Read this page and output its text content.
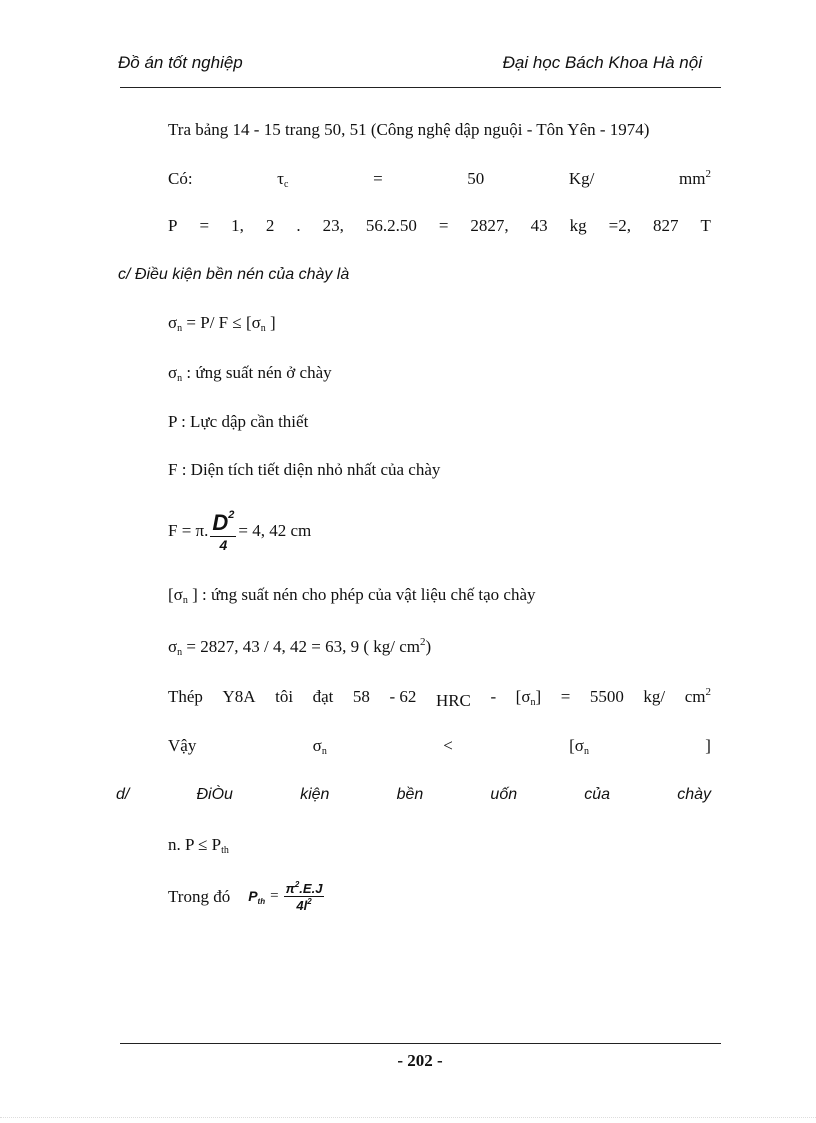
Đồ án tốt nghiệp	Đại học Bách Khoa Hà nội
Tra bảng 14 - 15 trang 50, 51 (Công nghệ dập nguội - Tôn Yên - 1974)
Có:	$\tau_c$	=	50	Kg/	$mm^2$
P = 1, 2 . 23, 56.2.50 = 2827, 43 kg =2, 827 T
c/ Điều kiện bền nén của chày là
$\sigma_n = P/$ $F \le [\sigma_n$ ]
$\sigma_n$ : ứng suất nén ở chày
P : Lực dập cần thiết
F : Diện tích tiết diện nhỏ nhất của chày
F = π. $\frac{D^2}{4} = 4$, 42 cm
[$\sigma_n$ ] : ứng suất nén cho phép của vật liệu chế tạo chày
$\sigma_n = 2827$, 43 / 4, 42 = 63, 9 ( kg/ $cm^2$)
Thép Y8A tôi đạt 58 - 62 HRC - $[\sigma_n] = 5500$ kg/ $cm^2$
Vậy	$\sigma_n$	<	[$\sigma_n$	]
d/	ĐiÒu	kiện	bền	uốn	của	chày
n. $P \le P_{th}$
Trong đó $P_{th} = \frac{\pi^2.E.J}{4l^2}$
- 202 -
